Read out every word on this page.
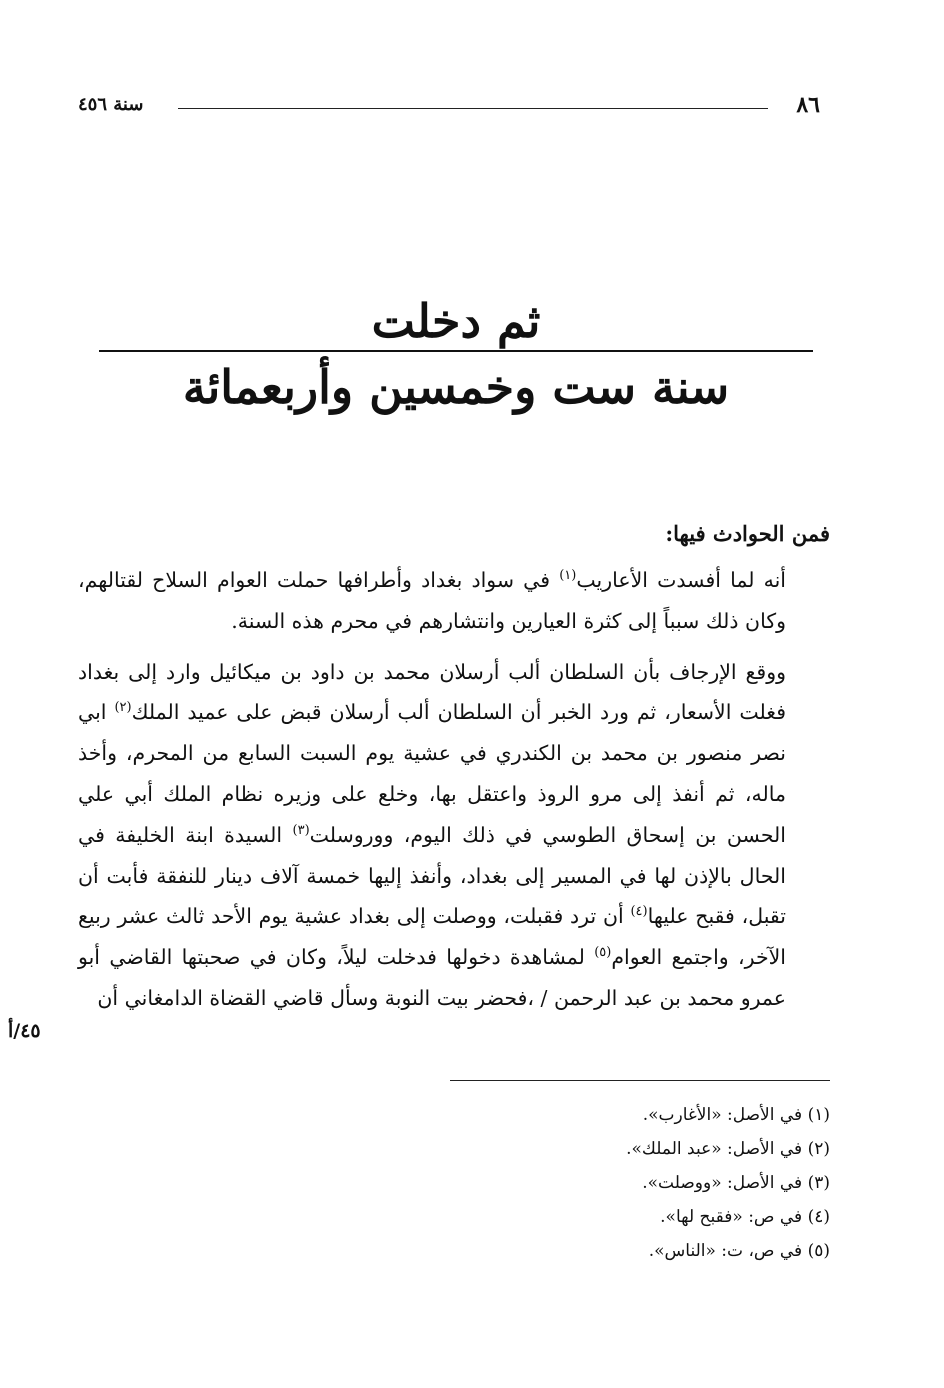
٨٦
سنة ٤٥٦
ثم دخلت
سنة ست وخمسين وأربعمائة

فمن الحوادث فيها:

أنه لما أفسدت الأعاريب$^{(١)}$ في سواد بغداد وأطرافها حملت العوام السلاح لقتالهم، وكان ذلك سبباً إلى كثرة العيارين وانتشارهم في محرم هذه السنة.

ووقع الإرجاف بأن السلطان ألب أرسلان محمد بن داود بن ميكائيل وارد إلى بغداد فغلت الأسعار، ثم ورد الخبر أن السلطان ألب أرسلان قبض على عميد الملك$^{(٢)}$ ابي نصر منصور بن محمد بن الكندري في عشية يوم السبت السابع من المحرم، وأخذ ماله، ثم أنفذ إلى مرو الروذ واعتقل بها، وخلع على وزيره نظام الملك أبي علي الحسن بن إسحاق الطوسي في ذلك اليوم، ووروسلت$^{(٣)}$ السيدة ابنة الخليفة في الحال بالإذن لها في المسير إلى بغداد، وأنفذ إليها خمسة آلاف دينار للنفقة فأبت أن تقبل، فقبح عليها$^{(٤)}$ أن ترد فقبلت، ووصلت إلى بغداد عشية يوم الأحد ثالث عشر ربيع الآخر، واجتمع العوام$^{(٥)}$ لمشاهدة دخولها فدخلت ليلاً، وكان في صحبتها القاضي أبو عمرو محمد بن عبد الرحمن / ،فحضر بيت النوبة وسأل قاضي القضاة الدامغاني أن

٤٥/أ

(١) في الأصل: «الأغارب».

(٢) في الأصل: «عبد الملك».

(٣) في الأصل: «ووصلت».

(٤) في ص: «فقبح لها».

(٥) في ص، ت: «الناس».
